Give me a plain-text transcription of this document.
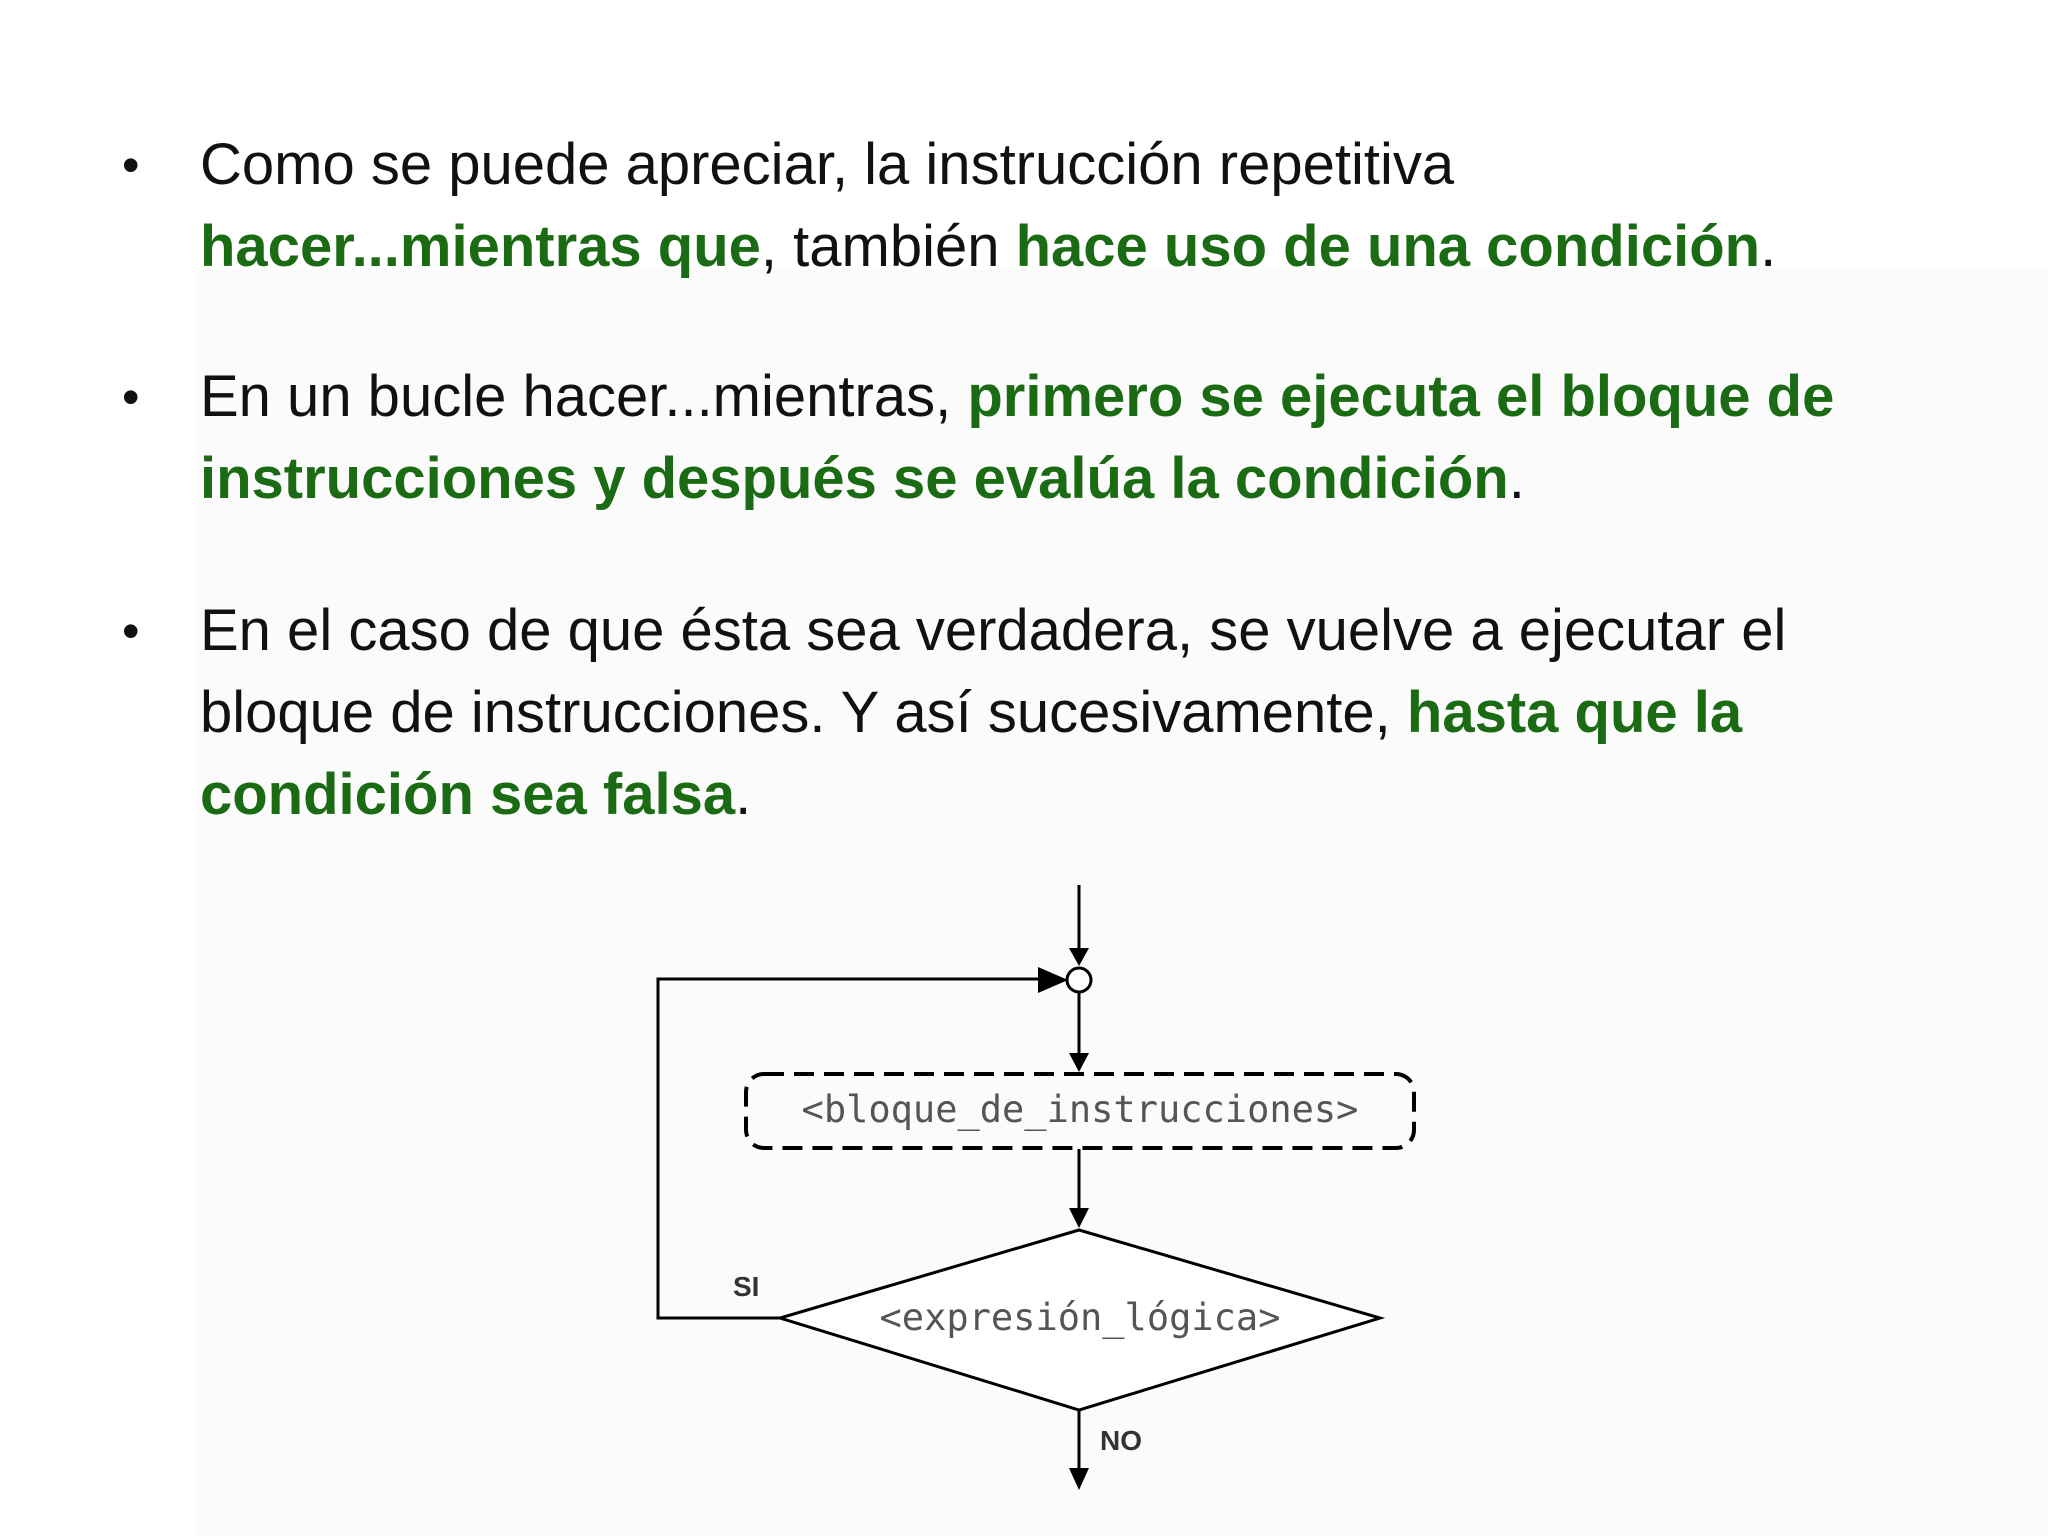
• Como se puede apreciar, la instrucción repetitiva
hacer...mientras que, también hace uso de una condición.
• En un bucle hacer...mientras, primero se ejecuta el bloque de
instrucciones y después se evalúa la condición.
• En el caso de que ésta sea verdadera, se vuelve a ejecutar el
bloque de instrucciones. Y así sucesivamente, hasta que la
condición sea falsa.
<bloque_de_instrucciones>
<expresión_lógica>
SI
NO
